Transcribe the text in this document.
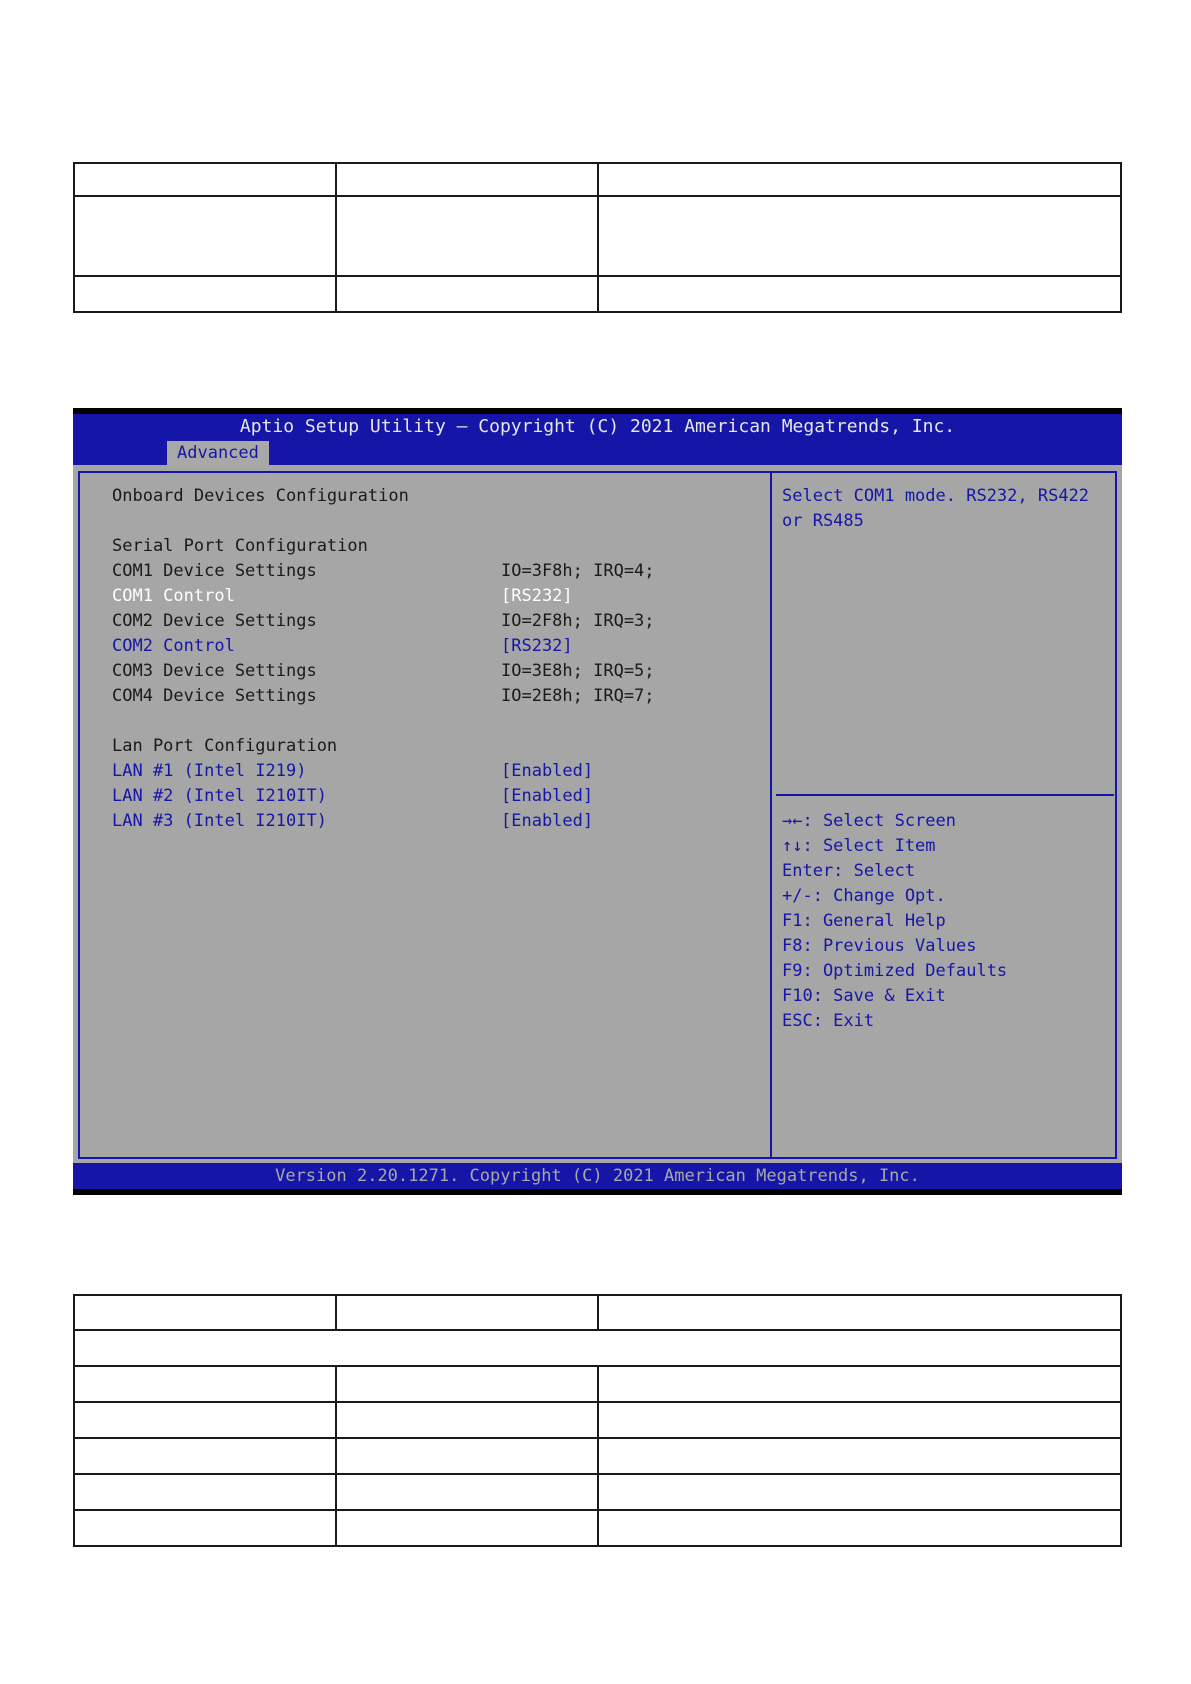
Aptio Setup Utility – Copyright (C) 2021 American Megatrends, Inc.
Advanced
Onboard Devices Configuration
Serial Port Configuration
COM1 Device Settings	IO=3F8h; IRQ=4;
COM1 Control	[RS232]
COM2 Device Settings	IO=2F8h; IRQ=3;
COM2 Control	[RS232]
COM3 Device Settings	IO=3E8h; IRQ=5;
COM4 Device Settings	IO=2E8h; IRQ=7;
Lan Port Configuration
LAN #1 (Intel I219)	[Enabled]
LAN #2 (Intel I210IT)	[Enabled]
LAN #3 (Intel I210IT)	[Enabled]
Select COM1 mode. RS232, RS422
or RS485
→←: Select Screen
↑↓: Select Item
Enter: Select
+/-: Change Opt.
F1: General Help
F8: Previous Values
F9: Optimized Defaults
F10: Save & Exit
ESC: Exit
Version 2.20.1271. Copyright (C) 2021 American Megatrends, Inc.
